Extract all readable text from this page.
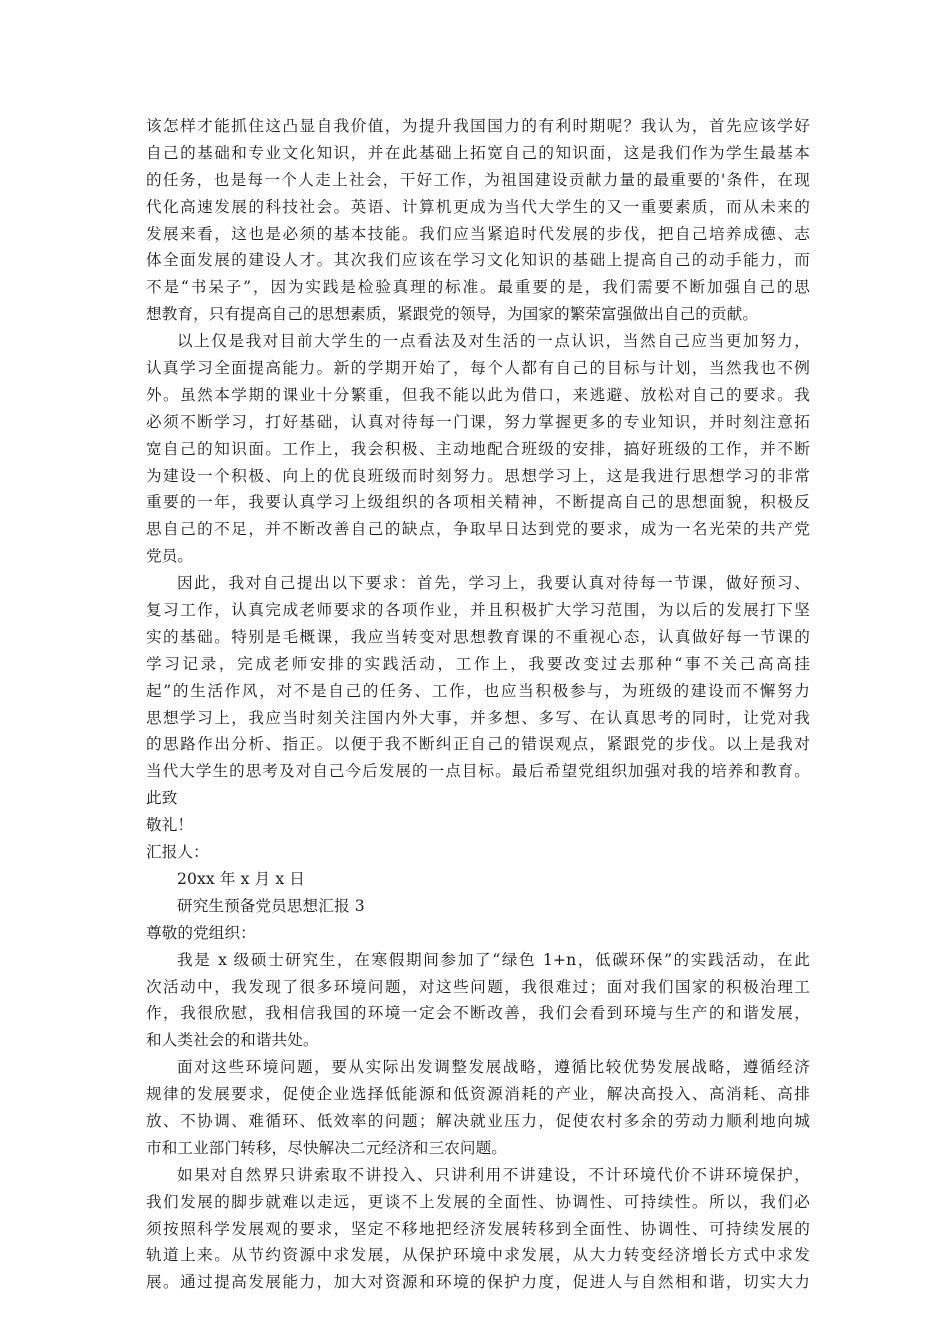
该怎样才能抓住这凸显自我价值，为提升我国国力的有利时期呢？我认为，首先应该学好
自己的基础和专业文化知识，并在此基础上拓宽自己的知识面，这是我们作为学生最基本
的任务，也是每一个人走上社会，干好工作，为祖国建设贡献力量的最重要的'条件，在现
代化高速发展的科技社会。英语、计算机更成为当代大学生的又一重要素质，而从未来的
发展来看，这也是必须的基本技能。我们应当紧追时代发展的步伐，把自己培养成德、志
体全面发展的建设人才。其次我们应该在学习文化知识的基础上提高自己的动手能力，而
不是“书呆子”，因为实践是检验真理的标准。最重要的是，我们需要不断加强自己的思
想教育，只有提高自己的思想素质，紧跟党的领导，为国家的繁荣富强做出自己的贡献。
以上仅是我对目前大学生的一点看法及对生活的一点认识，当然自己应当更加努力，
认真学习全面提高能力。新的学期开始了，每个人都有自己的目标与计划，当然我也不例
外。虽然本学期的课业十分繁重，但我不能以此为借口，来逃避、放松对自己的要求。我
必须不断学习，打好基础，认真对待每一门课，努力掌握更多的专业知识，并时刻注意拓
宽自己的知识面。工作上，我会积极、主动地配合班级的安排，搞好班级的工作，并不断
为建设一个积极、向上的优良班级而时刻努力。思想学习上，这是我进行思想学习的非常
重要的一年，我要认真学习上级组织的各项相关精神，不断提高自己的思想面貌，积极反
思自己的不足，并不断改善自己的缺点，争取早日达到党的要求，成为一名光荣的共产党
党员。
因此，我对自己提出以下要求：首先，学习上，我要认真对待每一节课，做好预习、
复习工作，认真完成老师要求的各项作业，并且积极扩大学习范围，为以后的发展打下坚
实的基础。特别是毛概课，我应当转变对思想教育课的不重视心态，认真做好每一节课的
学习记录，完成老师安排的实践活动，工作上，我要改变过去那种“事不关己高高挂
起”的生活作风，对不是自己的任务、工作，也应当积极参与，为班级的建设而不懈努力
思想学习上，我应当时刻关注国内外大事，并多想、多写、在认真思考的同时，让党对我
的思路作出分析、指正。以便于我不断纠正自己的错误观点，紧跟党的步伐。以上是我对
当代大学生的思考及对自己今后发展的一点目标。最后希望党组织加强对我的培养和教育。
此致
敬礼！
汇报人：
20xx 年 x 月 x 日
研究生预备党员思想汇报 3
尊敬的党组织：
我是 x 级硕士研究生，在寒假期间参加了“绿色 1+n，低碳环保”的实践活动，在此
次活动中，我发现了很多环境问题，对这些问题，我很难过；面对我们国家的积极治理工
作，我很欣慰，我相信我国的环境一定会不断改善，我们会看到环境与生产的和谐发展，
和人类社会的和谐共处。
面对这些环境问题，要从实际出发调整发展战略，遵循比较优势发展战略，遵循经济
规律的发展要求，促使企业选择低能源和低资源消耗的产业，解决高投入、高消耗、高排
放、不协调、难循环、低效率的问题；解决就业压力，促使农村多余的劳动力顺利地向城
市和工业部门转移，尽快解决二元经济和三农问题。
如果对自然界只讲索取不讲投入、只讲利用不讲建设，不计环境代价不讲环境保护，
我们发展的脚步就难以走远，更谈不上发展的全面性、协调性、可持续性。所以，我们必
须按照科学发展观的要求，坚定不移地把经济发展转移到全面性、协调性、可持续发展的
轨道上来。从节约资源中求发展，从保护环境中求发展，从大力转变经济增长方式中求发
展。通过提高发展能力，加大对资源和环境的保护力度，促进人与自然相和谐，切实大力
